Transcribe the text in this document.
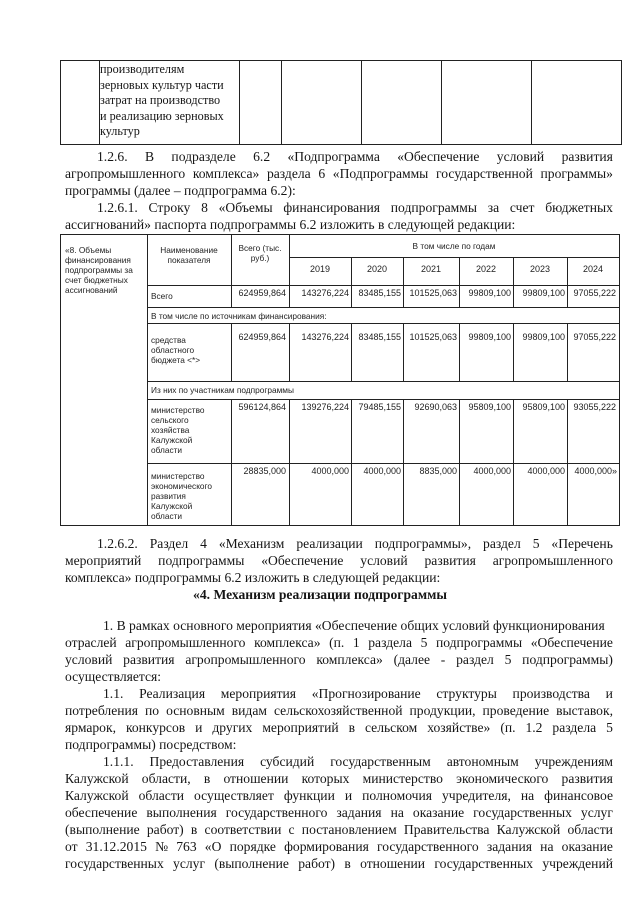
производителям
зерновых культур части
затрат на производство
и реализацию зерновых
культур
1.2.6. В подразделе 6.2 «Подпрограмма «Обеспечение условий развития
агропромышленного комплекса» раздела 6 «Подпрограммы государственной программы»
программы (далее – подпрограмма 6.2):
1.2.6.1. Строку 8 «Объемы финансирования подпрограммы за счет бюджетных
ассигнований» паспорта подпрограммы 6.2 изложить в следующей редакции:
«8. Объемы
финансирования
подпрограммы за
счет бюджетных
ассигнований
Наименование
показателя
Всего (тыс.
руб.)
В том числе по годам
2019	2020	2021	2022	2023	2024
Всего	624959,864	143276,224	83485,155 101525,063	99809,100	99809,100 97055,222
В том числе по источникам финансирования:
средства
областного
бюджета <*>
624959,864	143276,224	83485,155 101525,063	99809,100	99809,100 97055,222
Из них по участникам подпрограммы
министерство
сельского
хозяйства
Калужской
области
596124,864	139276,224	79485,155	92690,063	95809,100	95809,100 93055,222
министерство
экономического
развития
Калужской
области
28835,000	4000,000	4000,000	8835,000	4000,000	4000,000	4000,000»
1.2.6.2. Раздел 4 «Механизм реализации подпрограммы», раздел 5 «Перечень
мероприятий подпрограммы «Обеспечение условий развития агропромышленного
комплекса» подпрограммы 6.2 изложить в следующей редакции:
«4. Механизм реализации подпрограммы
1. В рамках основного мероприятия «Обеспечение общих условий функционирования
отраслей агропромышленного комплекса» (п. 1 раздела 5 подпрограммы «Обеспечение
условий развития агропромышленного комплекса» (далее - раздел 5 подпрограммы)
осуществляется:
1.1. Реализация мероприятия «Прогнозирование структуры производства и
потребления по основным видам сельскохозяйственной продукции, проведение выставок,
ярмарок, конкурсов и других мероприятий в сельском хозяйстве» (п. 1.2 раздела 5
подпрограммы) посредством:
1.1.1. Предоставления субсидий государственным автономным учреждениям
Калужской области, в отношении которых министерство экономического развития
Калужской области осуществляет функции и полномочия учредителя, на финансовое
обеспечение выполнения государственного задания на оказание государственных услуг
(выполнение работ) в соответствии с постановлением Правительства Калужской области
от 31.12.2015 № 763 «О порядке формирования государственного задания на оказание
государственных услуг (выполнение работ) в отношении государственных учреждений
